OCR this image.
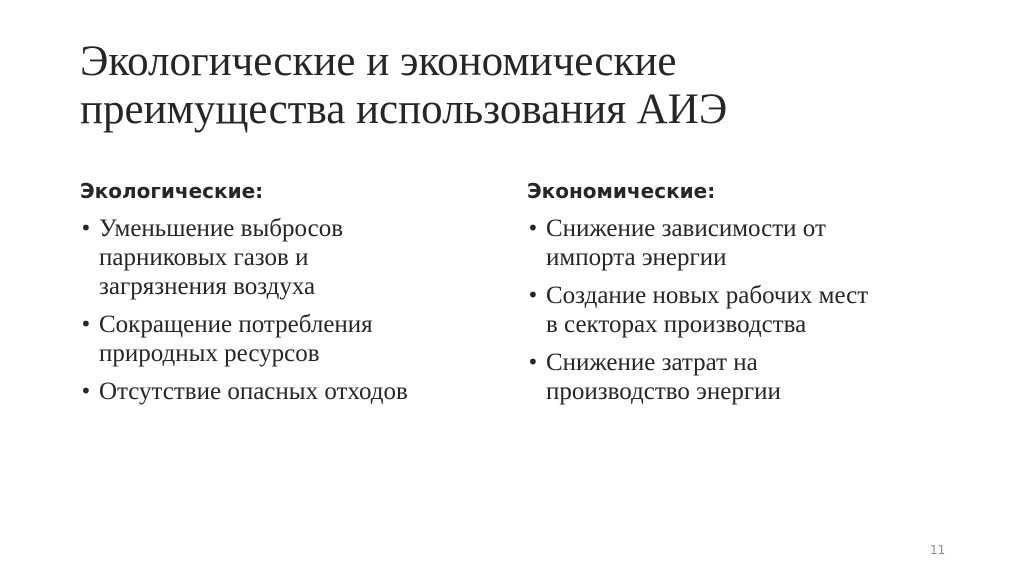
Экологические и экономические
преимущества использования АИЭ
Экологические:
• Уменьшение выбросов
парниковых газов и
загрязнения воздуха
• Сокращение потребления
природных ресурсов
• Отсутствие опасных отходов
Экономические:
• Снижение зависимости от
импорта энергии
• Создание новых рабочих мест
в секторах производства
• Снижение затрат на
производство энергии
11
